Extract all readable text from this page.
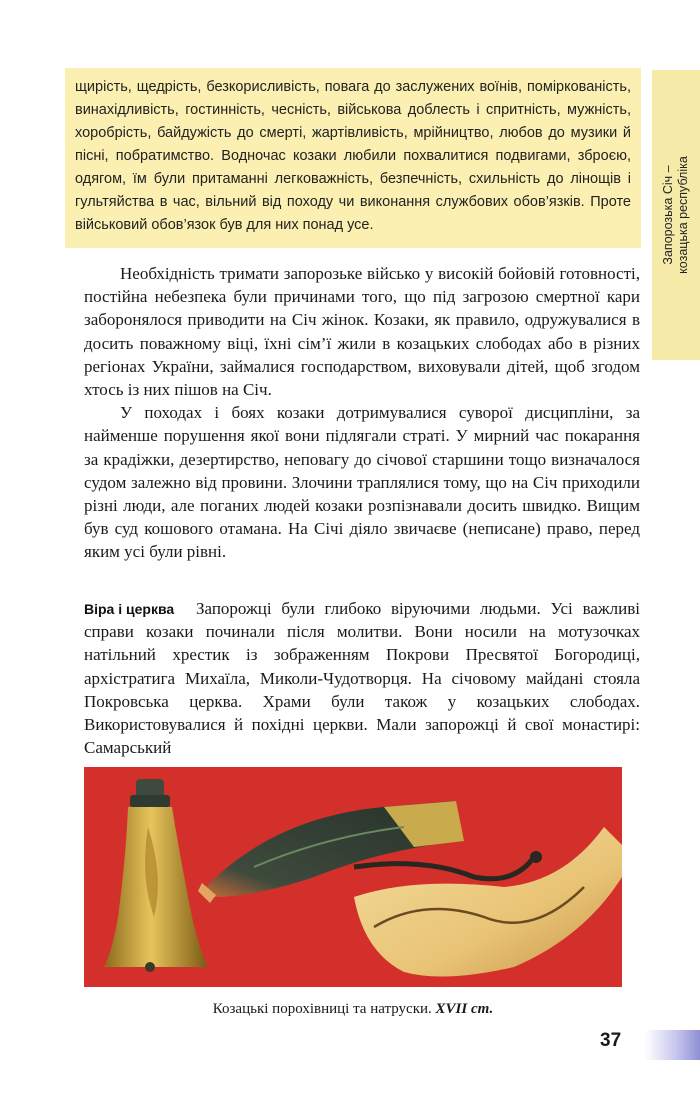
Запорозька Січ – козацька республіка

щирість, щедрість, безкорисливість, повага до заслужених воїнів, поміркованість, винахідливість, гостинність, чесність, військова доблесть і спритність, мужність, хоробрість, байдужість до смерті, жартівливість, мрійництво, любов до музики й пісні, побратимство. Водночас козаки любили похвалитися подвигами, зброєю, одягом, їм були притаманні легковажність, безпечність, схильність до лінощів і гультяйства в час, вільний від походу чи виконання службових обов’язків. Проте військовий обов’язок був для них понад усе.

Необхідність тримати запорозьке військо у високій бойовій готовності, постійна небезпека були причинами того, що під загрозою смертної кари заборонялося приводити на Січ жінок. Козаки, як правило, одружувалися в досить поважному віці, їхні сім’ї жили в козацьких слободах або в різних регіонах України, займалися господарством, виховували дітей, щоб згодом хтось із них пішов на Січ.

У походах і боях козаки дотримувалися суворої дисципліни, за найменше порушення якої вони підлягали страті. У мирний час покарання за крадіжки, дезертирство, неповагу до січової старшини тощо визначалося судом залежно від провини. Злочини траплялися тому, що на Січ приходили різні люди, але поганих людей козаки розпізнавали досить швидко. Вищим був суд кошового отамана. На Січі діяло звичаєве (неписане) право, перед яким усі були рівні.

Віра і церква	Запорожці були глибоко віруючими людьми. Усі важливі справи козаки починали після молитви. Вони носили на мотузочках натільний хрестик із зображенням Покрови Пресвятої Богородиці, архістратига Михаїла, Миколи-Чудотворця. На січовому майдані стояла Покровська церква. Храми були також у козацьких слободах. Використовувалися й похідні церкви. Мали запорожці й свої монастирі: Самарський

Козацькі порохівниці та натруски. XVII ст.
37
